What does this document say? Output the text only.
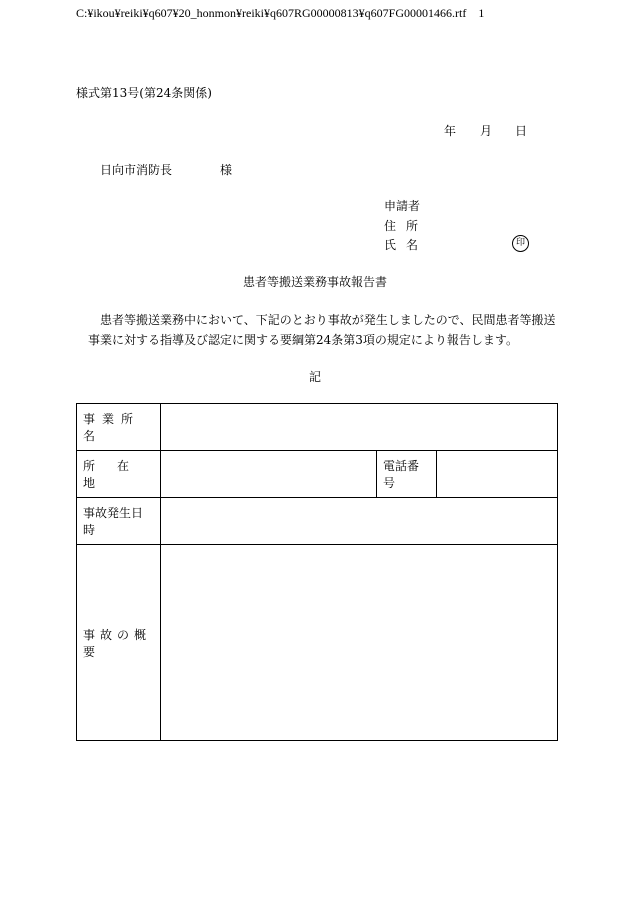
C:¥ikou¥reiki¥q607¥20_honmon¥reiki¥q607RG00000813¥q607FG00001466.rtf　1
様式第13号(第24条関係)
年 月 日
日向市消防長	様
申請者
住所
氏名	印
患者等搬送業務事故報告書
患者等搬送業務中において、下記のとおり事故が発生しましたので、民間患者等搬送事業に対する指導及び認定に関する要綱第24条第3項の規定により報告します。
記
事業所名			
所在地		電話番号	
事故発生日時			
事故の概要			
